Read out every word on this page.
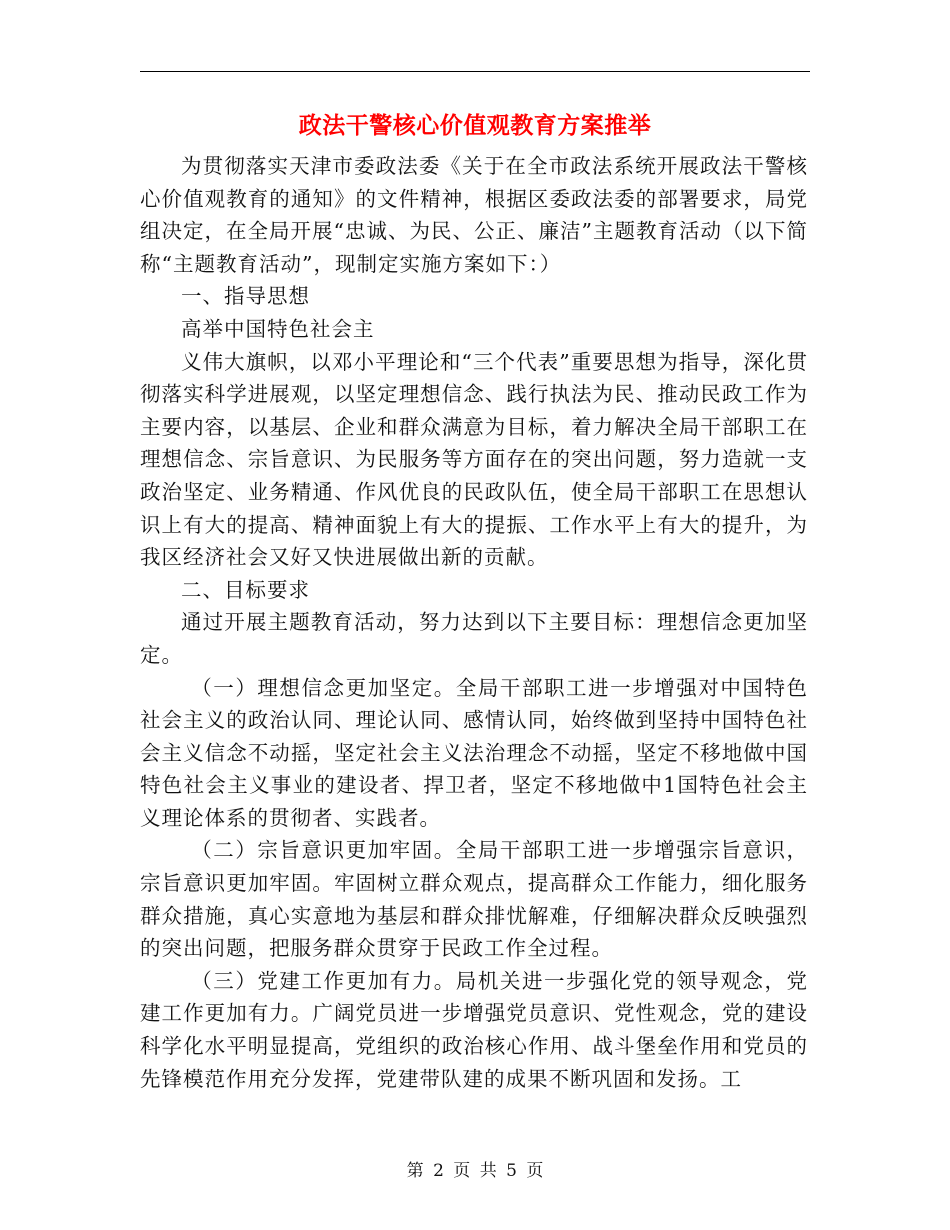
政法干警核心价值观教育方案推举

为贯彻落实天津市委政法委《关于在全市政法系统开展政法干警核心价值观教育的通知》的文件精神，根据区委政法委的部署要求，局党组决定，在全局开展“忠诚、为民、公正、廉洁”主题教育活动（以下简称“主题教育活动”，现制定实施方案如下：）

一、指导思想

高举中国特色社会主

义伟大旗帜，以邓小平理论和“三个代表”重要思想为指导，深化贯彻落实科学进展观，以坚定理想信念、践行执法为民、推动民政工作为主要内容，以基层、企业和群众满意为目标，着力解决全局干部职工在理想信念、宗旨意识、为民服务等方面存在的突出问题，努力造就一支政治坚定、业务精通、作风优良的民政队伍，使全局干部职工在思想认识上有大的提高、精神面貌上有大的提振、工作水平上有大的提升，为我区经济社会又好又快进展做出新的贡献。

二、目标要求

通过开展主题教育活动，努力达到以下主要目标：理想信念更加坚定。

（一）理想信念更加坚定。全局干部职工进一步增强对中国特色社会主义的政治认同、理论认同、感情认同，始终做到坚持中国特色社会主义信念不动摇，坚定社会主义法治理念不动摇，坚定不移地做中国特色社会主义事业的建设者、捍卫者，坚定不移地做中1国特色社会主义理论体系的贯彻者、实践者。

（二）宗旨意识更加牢固。全局干部职工进一步增强宗旨意识，宗旨意识更加牢固。牢固树立群众观点，提高群众工作能力，细化服务群众措施，真心实意地为基层和群众排忧解难，仔细解决群众反映强烈的突出问题，把服务群众贯穿于民政工作全过程。

（三）党建工作更加有力。局机关进一步强化党的领导观念，党建工作更加有力。广阔党员进一步增强党员意识、党性观念，党的建设科学化水平明显提高，党组织的政治核心作用、战斗堡垒作用和党员的先锋模范作用充分发挥，党建带队建的成果不断巩固和发扬。工

第 2 页 共 5 页
